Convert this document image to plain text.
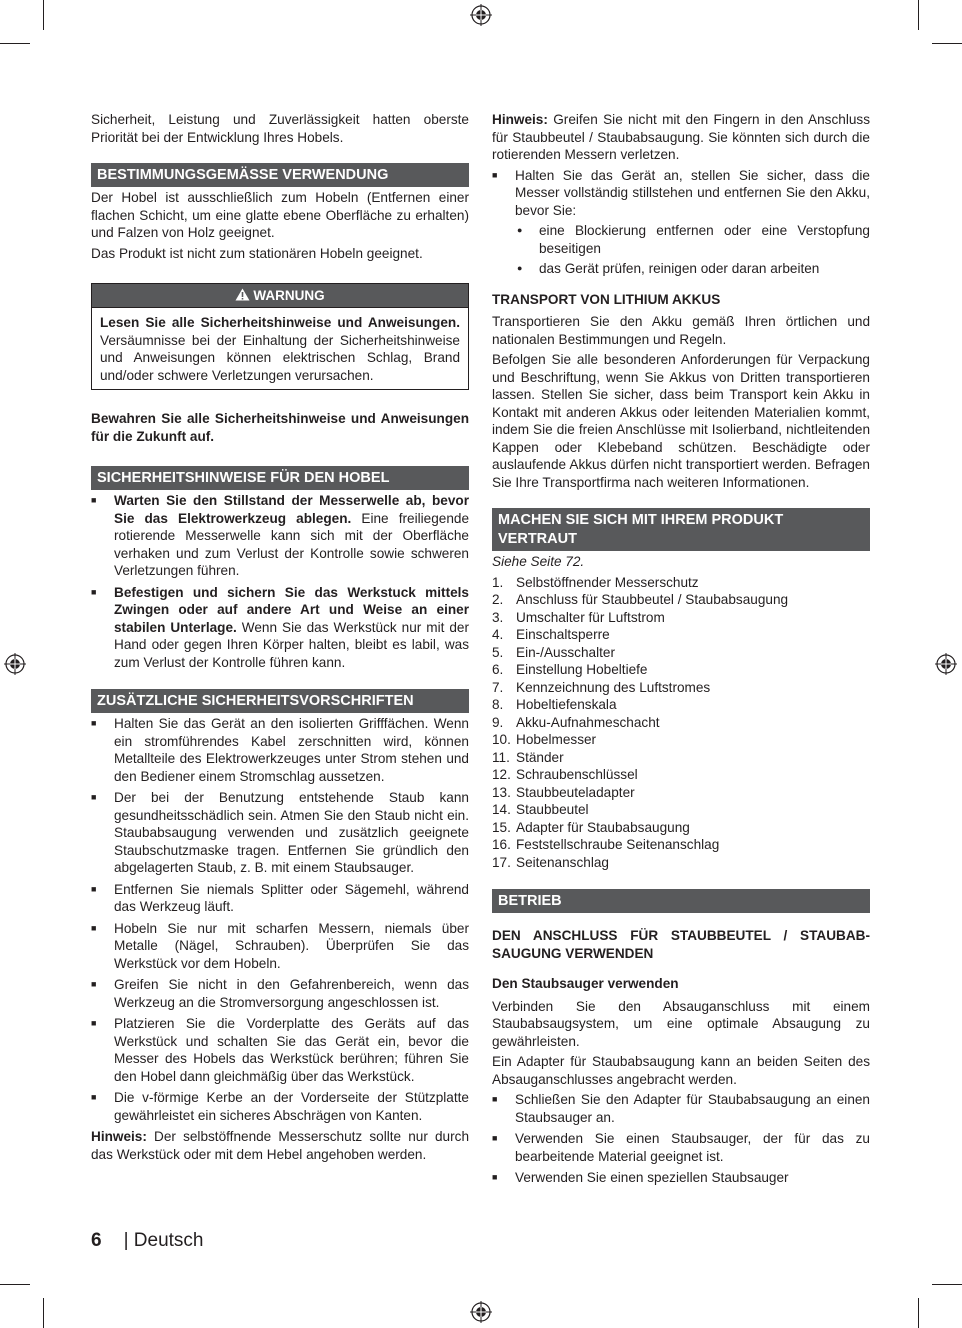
Sicherheit, Leistung und Zuverlässigkeit hatten oberste Priorität bei der Entwicklung Ihres Hobels.

BESTIMMUNGSGEMÄSSE VERWENDUNG

Der Hobel ist ausschließlich zum Hobeln (Entfernen einer flachen Schicht, um eine glatte ebene Oberfläche zu erhalten) und Falzen von Holz geeignet.

Das Produkt ist nicht zum stationären Hobeln geeignet.

WARNUNG

Lesen Sie alle Sicherheitshinweise und Anweisungen. Versäumnisse bei der Einhaltung der Sicherheitshinweise und Anweisungen können elektrischen Schlag, Brand und/oder schwere Verletzungen verursachen.

Bewahren Sie alle Sicherheitshinweise und Anweisungen für die Zukunft auf.

SICHERHEITSHINWEISE FÜR DEN HOBEL
■ Warten Sie den Stillstand der Messerwelle ab, bevor Sie das Elektrowerkzeug ablegen. Eine freiliegende rotierende Messerwelle kann sich mit der Oberfläche verhaken und zum Verlust der Kontrolle sowie schweren Verletzungen führen.
■ Befestigen und sichern Sie das Werkstuck mittels Zwingen oder auf andere Art und Weise an einer stabilen Unterlage. Wenn Sie das Werkstück nur mit der Hand oder gegen Ihren Körper halten, bleibt es labil, was zum Verlust der Kontrolle führen kann.
ZUSÄTZLICHE SICHERHEITSVORSCHRIFTEN
■ Halten Sie das Gerät an den isolierten Grifffächen. Wenn ein stromführendes Kabel zerschnitten wird, können Metallteile des Elektrowerkzeuges unter Strom stehen und den Bediener einem Stromschlag aussetzen.
■ Der bei der Benutzung entstehende Staub kann gesundheitsschädlich sein. Atmen Sie den Staub nicht ein. Staubabsaugung verwenden und zusätzlich geeignete Staubschutzmaske tragen. Entfernen Sie gründlich den abgelagerten Staub, z. B. mit einem Staubsauger.
■ Entfernen Sie niemals Splitter oder Sägemehl, während das Werkzeug läuft.
■ Hobeln Sie nur mit scharfen Messern, niemals über Metalle (Nägel, Schrauben). Überprüfen Sie das Werkstück vor dem Hobeln.
■ Greifen Sie nicht in den Gefahrenbereich, wenn das Werkzeug an die Stromversorgung angeschlossen ist.
■ Platzieren Sie die Vorderplatte des Geräts auf das Werkstück und schalten Sie das Gerät ein, bevor die Messer des Hobels das Werkstück berühren; führen Sie den Hobel dann gleichmäßig über das Werkstück.
■ Die v-förmige Kerbe an der Vorderseite der Stützplatte gewährleistet ein sicheres Abschrägen von Kanten.

Hinweis: Der selbstöffnende Messerschutz sollte nur durch das Werkstück oder mit dem Hebel angehoben werden.

Hinweis: Greifen Sie nicht mit den Fingern in den Anschluss für Staubbeutel / Staubabsaugung. Sie könnten sich durch die rotierenden Messern verletzen.

■ Halten Sie das Gerät an, stellen Sie sicher, dass die Messer vollständig stillstehen und entfernen Sie den Akku, bevor Sie:
● eine Blockierung entfernen oder eine Verstopfung beseitigen
● das Gerät prüfen, reinigen oder daran arbeiten
TRANSPORT VON LITHIUM AKKUS

Transportieren Sie den Akku gemäß Ihren örtlichen und nationalen Bestimmungen und Regeln.

Befolgen Sie alle besonderen Anforderungen für Verpackung und Beschriftung, wenn Sie Akkus von Dritten transportieren lassen. Stellen Sie sicher, dass beim Transport kein Akku in Kontakt mit anderen Akkus oder leitenden Materialien kommt, indem Sie die freien Anschlüsse mit Isolierband, nichtleitenden Kappen oder Klebeband schützen. Beschädigte oder auslaufende Akkus dürfen nicht transportiert werden. Befragen Sie Ihre Transportfirma nach weiteren Informationen.

MACHEN SIE SICH MIT IHREM PRODUKT VERTRAUT

Siehe Seite 72.

1. Selbstöffnender Messerschutz
2. Anschluss für Staubbeutel / Staubabsaugung
3. Umschalter für Luftstrom
4. Einschaltsperre
5. Ein-/Ausschalter
6. Einstellung Hobeltiefe
7. Kennzeichnung des Luftstromes
8. Hobeltiefenskala
9. Akku-Aufnahmeschacht
10. Hobelmesser
11. Ständer
12. Schraubenschlüssel
13. Staubbeuteladapter
14. Staubbeutel
15. Adapter für Staubabsaugung
16. Feststellschraube Seitenanschlag
17. Seitenanschlag
BETRIEB
DEN ANSCHLUSS FÜR STAUBBEUTEL / STAUBABSAUGUNG VERWENDEN
Den Staubsauger verwenden

Verbinden Sie den Absauganschluss mit einem Staubabsaugsystem, um eine optimale Absaugung zu gewährleisten.

Ein Adapter für Staubabsaugung kann an beiden Seiten des Absauganschlusses angebracht werden.

■ Schließen Sie den Adapter für Staubabsaugung an einen Staubsauger an.
■ Verwenden Sie einen Staubsauger, der für das zu bearbeitende Material geeignet ist.
■ Verwenden Sie einen speziellen Staubsauger
6 | Deutsch
